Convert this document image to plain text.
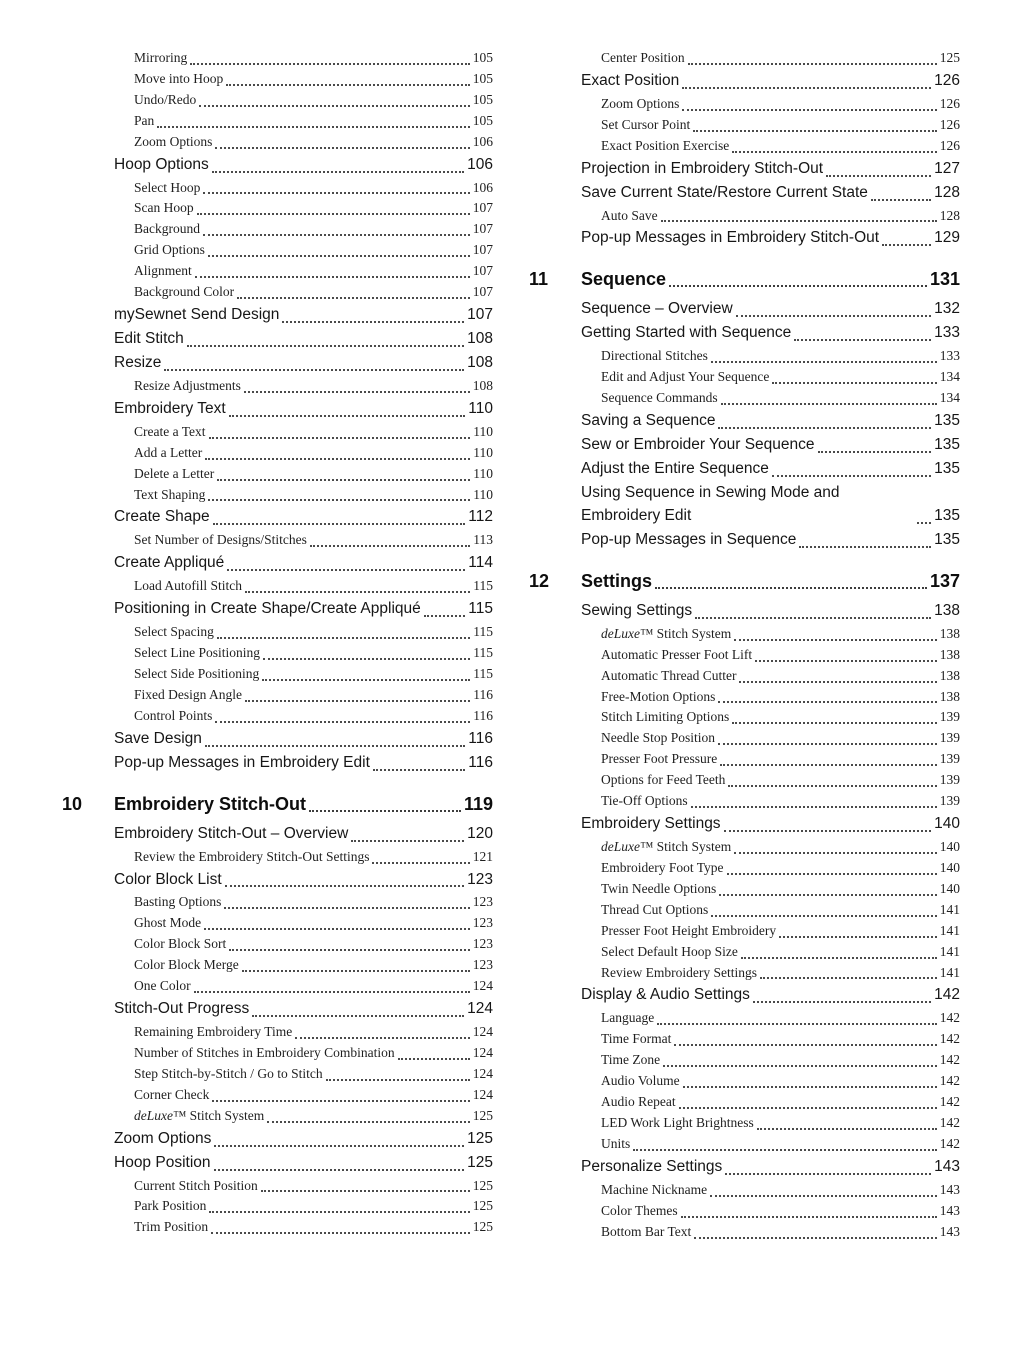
Mirroring	105
Move into Hoop	105
Undo/Redo	105
Pan	105
Zoom Options	106
Hoop Options	106
Select Hoop	106
Scan Hoop	107
Background	107
Grid Options	107
Alignment	107
Background Color	107
mySewnet Send Design	107
Edit Stitch	108
Resize	108
Resize Adjustments	108
Embroidery Text	110
Create a Text	110
Add a Letter	110
Delete a Letter	110
Text Shaping	110
Create Shape	112
Set Number of Designs/Stitches	113
Create Appliqué	114
Load Autofill Stitch	115
Positioning in Create Shape/Create Appliqué	115
Select Spacing	115
Select Line Positioning	115
Select Side Positioning	115
Fixed Design Angle	116
Control Points	116
Save Design	116
Pop-up Messages in Embroidery Edit	116
10	Embroidery Stitch-Out	119
Embroidery Stitch-Out – Overview	120
Review the Embroidery Stitch-Out Settings	121
Color Block List	123
Basting Options	123
Ghost Mode	123
Color Block Sort	123
Color Block Merge	123
One Color	124
Stitch-Out Progress	124
Remaining Embroidery Time	124
Number of Stitches in Embroidery Combination	124
Step Stitch-by-Stitch / Go to Stitch	124
Corner Check	124
deLuxe™ Stitch System	125
Zoom Options	125
Hoop Position	125
Current Stitch Position	125
Park Position	125
Trim Position	125
Center Position	125
Exact Position	126
Zoom Options	126
Set Cursor Point	126
Exact Position Exercise	126
Projection in Embroidery Stitch-Out	127
Save Current State/Restore Current State	128
Auto Save	128
Pop-up Messages in Embroidery Stitch-Out	129
11	Sequence	131
Sequence – Overview	132
Getting Started with Sequence	133
Directional Stitches	133
Edit and Adjust Your Sequence	134
Sequence Commands	134
Saving a Sequence	135
Sew or Embroider Your Sequence	135
Adjust the Entire Sequence	135
Using Sequence in Sewing Mode and Embroidery Edit	135
Pop-up Messages in Sequence	135
12	Settings	137
Sewing Settings	138
deLuxe™ Stitch System	138
Automatic Presser Foot Lift	138
Automatic Thread Cutter	138
Free-Motion Options	138
Stitch Limiting Options	139
Needle Stop Position	139
Presser Foot Pressure	139
Options for Feed Teeth	139
Tie-Off Options	139
Embroidery Settings	140
deLuxe™ Stitch System	140
Embroidery Foot Type	140
Twin Needle Options	140
Thread Cut Options	141
Presser Foot Height Embroidery	141
Select Default Hoop Size	141
Review Embroidery Settings	141
Display & Audio Settings	142
Language	142
Time Format	142
Time Zone	142
Audio Volume	142
Audio Repeat	142
LED Work Light Brightness	142
Units	142
Personalize Settings	143
Machine Nickname	143
Color Themes	143
Bottom Bar Text	143
